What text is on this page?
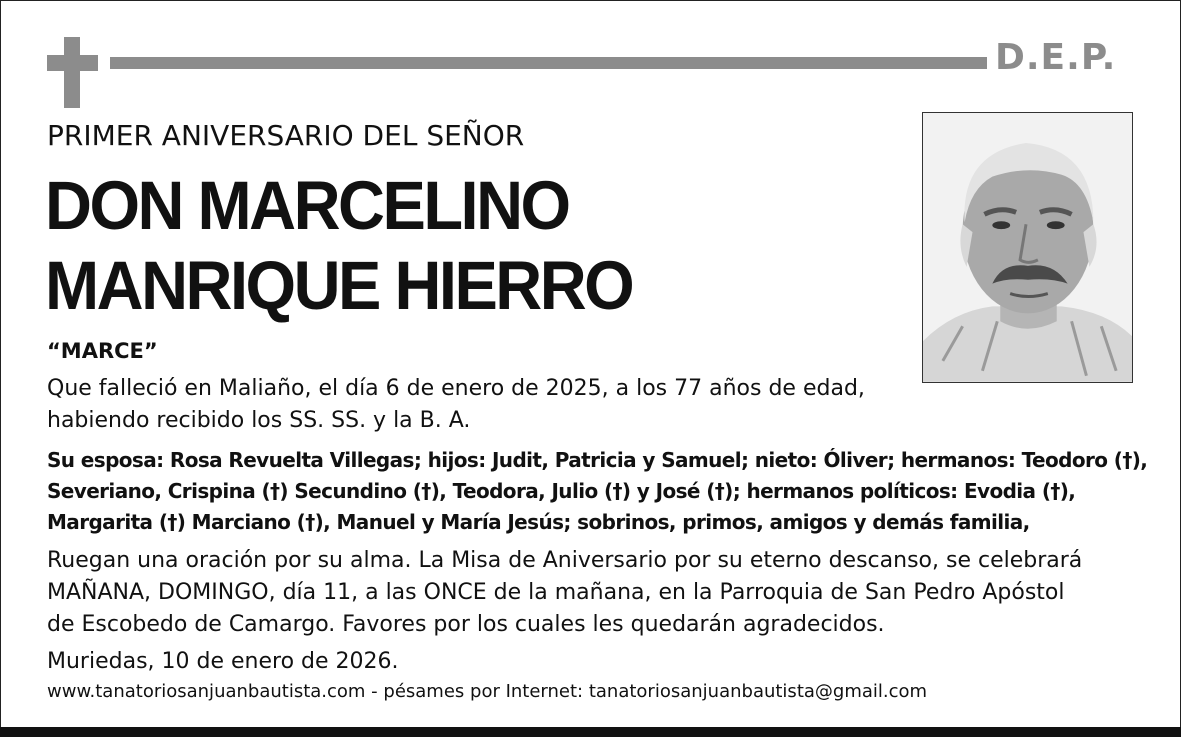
D.E.P.
PRIMER ANIVERSARIO DEL SEÑOR
DON MARCELINO
MANRIQUE HIERRO
“MARCE”

Que falleció en Maliaño, el día 6 de enero de 2025, a los 77 años de edad,
habiendo recibido los SS. SS. y la B. A.

Su esposa: Rosa Revuelta Villegas; hijos: Judit, Patricia y Samuel; nieto: Óliver; hermanos: Teodoro (†),
Severiano, Crispina (†) Secundino (†), Teodora, Julio (†) y José (†); hermanos políticos: Evodia (†),
Margarita (†) Marciano (†), Manuel y María Jesús; sobrinos, primos, amigos y demás familia,

Ruegan una oración por su alma. La Misa de Aniversario por su eterno descanso, se celebrará
MAÑANA, DOMINGO, día 11, a las ONCE de la mañana, en la Parroquia de San Pedro Apóstol
de Escobedo de Camargo. Favores por los cuales les quedarán agradecidos.

Muriedas, 10 de enero de 2026.

www.tanatoriosanjuanbautista.com - pésames por Internet: tanatoriosanjuanbautista@gmail.com
